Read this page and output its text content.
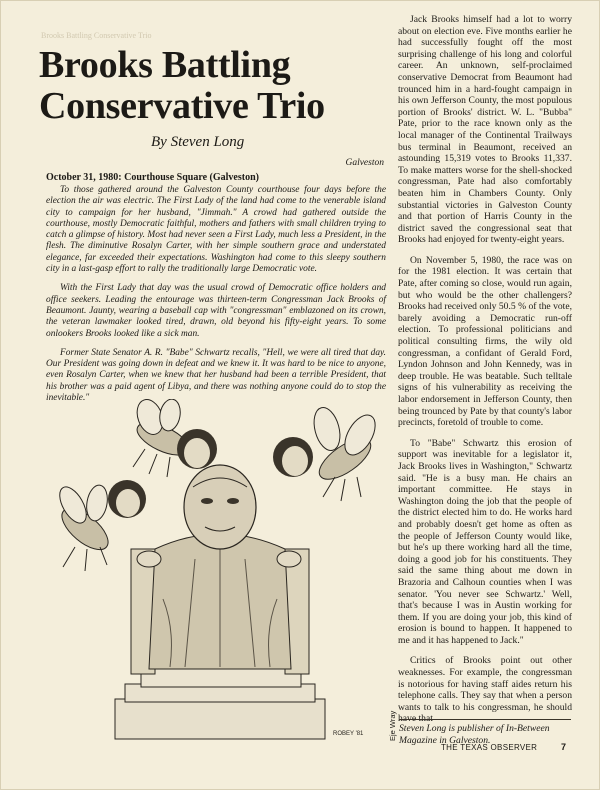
Brooks Battling Conservative Trio
Brooks Battling
Conservative Trio
By Steven Long
Galveston
October 31, 1980: Courthouse Square (Galveston)

To those gathered around the Galveston County courthouse four days before the election the air was electric. The First Lady of the land had come to the venerable island city to campaign for her husband, "Jimmah." A crowd had gathered outside the courthouse, mostly Democratic faithful, mothers and fathers with small children trying to catch a glimpse of history. Most had never seen a First Lady, much less a President, in the flesh. The diminutive Rosalyn Carter, with her simple southern grace and understated elegance, far exceeded their expectations. Washington had come to this sleepy southern city in a last-gasp effort to rally the traditionally large Democratic vote.

With the First Lady that day was the usual crowd of Democratic office holders and office seekers. Leading the entourage was thirteen-term Congressman Jack Brooks of Beaumont. Jaunty, wearing a baseball cap with "congressman" emblazoned on its crown, the veteran lawmaker looked tired, drawn, old beyond his fifty-eight years. To some onlookers Brooks looked like a sick man.

Former State Senator A. R. "Babe" Schwartz recalls, "Hell, we were all tired that day. Our President was going down in defeat and we knew it. It was hard to be nice to anyone, even Rosalyn Carter, when we knew that her husband had been a terrible President, that his brother was a paid agent of Libya, and there was nothing anyone could do to stop the inevitable."

Jack Brooks himself had a lot to worry about on election eve. Five months earlier he had successfully fought off the most surprising challenge of his long and colorful career. An unknown, self-proclaimed conservative Democrat from Beaumont had trounced him in a hard-fought campaign in his own Jefferson County, the most populous portion of Brooks' district. W. L. "Bubba" Pate, prior to the race known only as the local manager of the Continental Trailways bus terminal in Beaumont, received an astounding 15,319 votes to Brooks 11,337. To make matters worse for the shell-shocked congressman, Pate had also comfortably beaten him in Chambers County. Only substantial victories in Galveston County and that portion of Harris County in the district saved the congressional seat that Brooks had enjoyed for twenty-eight years.

On November 5, 1980, the race was on for the 1981 election. It was certain that Pate, after coming so close, would run again, but who would be the other challengers? Brooks had received only 50.5 % of the vote, barely avoiding a Democratic run-off election. To professional politicians and political consulting firms, the wily old congressman, a confidant of Gerald Ford, Lyndon Johnson and John Kennedy, was in deep trouble. He was beatable. Such telltale signs of his vulnerability as receiving the labor endorsement in Jefferson County, then being trounced by Pate by that county's labor precincts, foretold of trouble to come.

To "Babe" Schwartz this erosion of support was inevitable for a legislator it, Jack Brooks lives in Washington," Schwartz said. "He is a busy man. He chairs an important committee. He stays in Washington doing the job that the people of the district elected him to do. He works hard and probably doesn't get home as often as the people of Jefferson County would like, but he's up there working hard all the time, doing a good job for his constituents. They said the same thing about me down in Brazoria and Calhoun counties when I was senator. 'You never see Schwartz.' Well, that's because I was in Austin working for them. If you are doing your job, this kind of erosion is bound to happen. It happened to me and it has happened to Jack."

Critics of Brooks point out other weaknesses. For example, the congressman is notorious for having staff aides return his telephone calls. They say that when a person wants to talk to his congressman, he should have that

Steven Long is publisher of In-Between Magazine in Galveston.
ROBEY '81	Eje Wray
THE TEXAS OBSERVER	7
